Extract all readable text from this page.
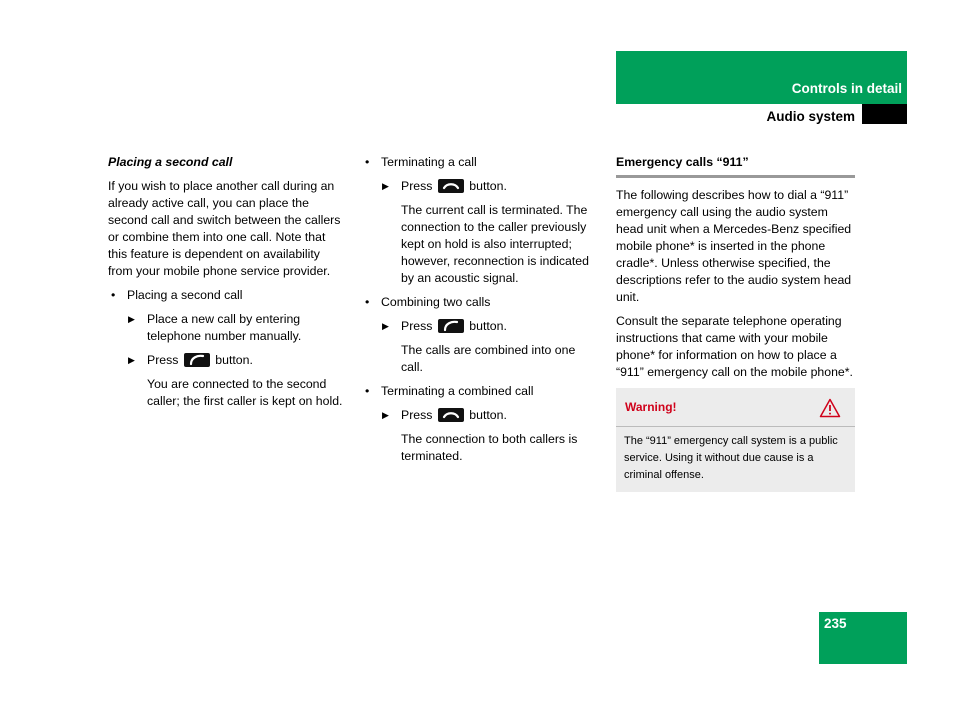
Controls in detail
Audio system

Placing a second call

If you wish to place another call during an already active call, you can place the second call and switch between the callers or combine them into one call. Note that this feature is dependent on availability from your mobile phone service provider.

• Placing a second call
▶ Place a new call by entering telephone number manually.
▶ Press	button.

You are connected to the second caller; the first caller is kept on hold.

• Terminating a call
▶ Press	button.

The current call is terminated. The connection to the caller previously kept on hold is also interrupted; however, reconnection is indicated by an acoustic signal.

• Combining two calls
▶ Press	button.

The calls are combined into one call.

• Terminating a combined call
▶ Press	button.

The connection to both callers is terminated.

Emergency calls “911”

The following describes how to dial a “911” emergency call using the audio system head unit when a Mercedes-Benz specified mobile phone* is inserted in the phone cradle*. Unless otherwise specified, the descriptions refer to the audio system head unit.

Consult the separate telephone operating instructions that came with your mobile phone* for information on how to place a “911” emergency call on the mobile phone*.

Warning!
The “911” emergency call system is a public service. Using it without due cause is a criminal offense.
235
